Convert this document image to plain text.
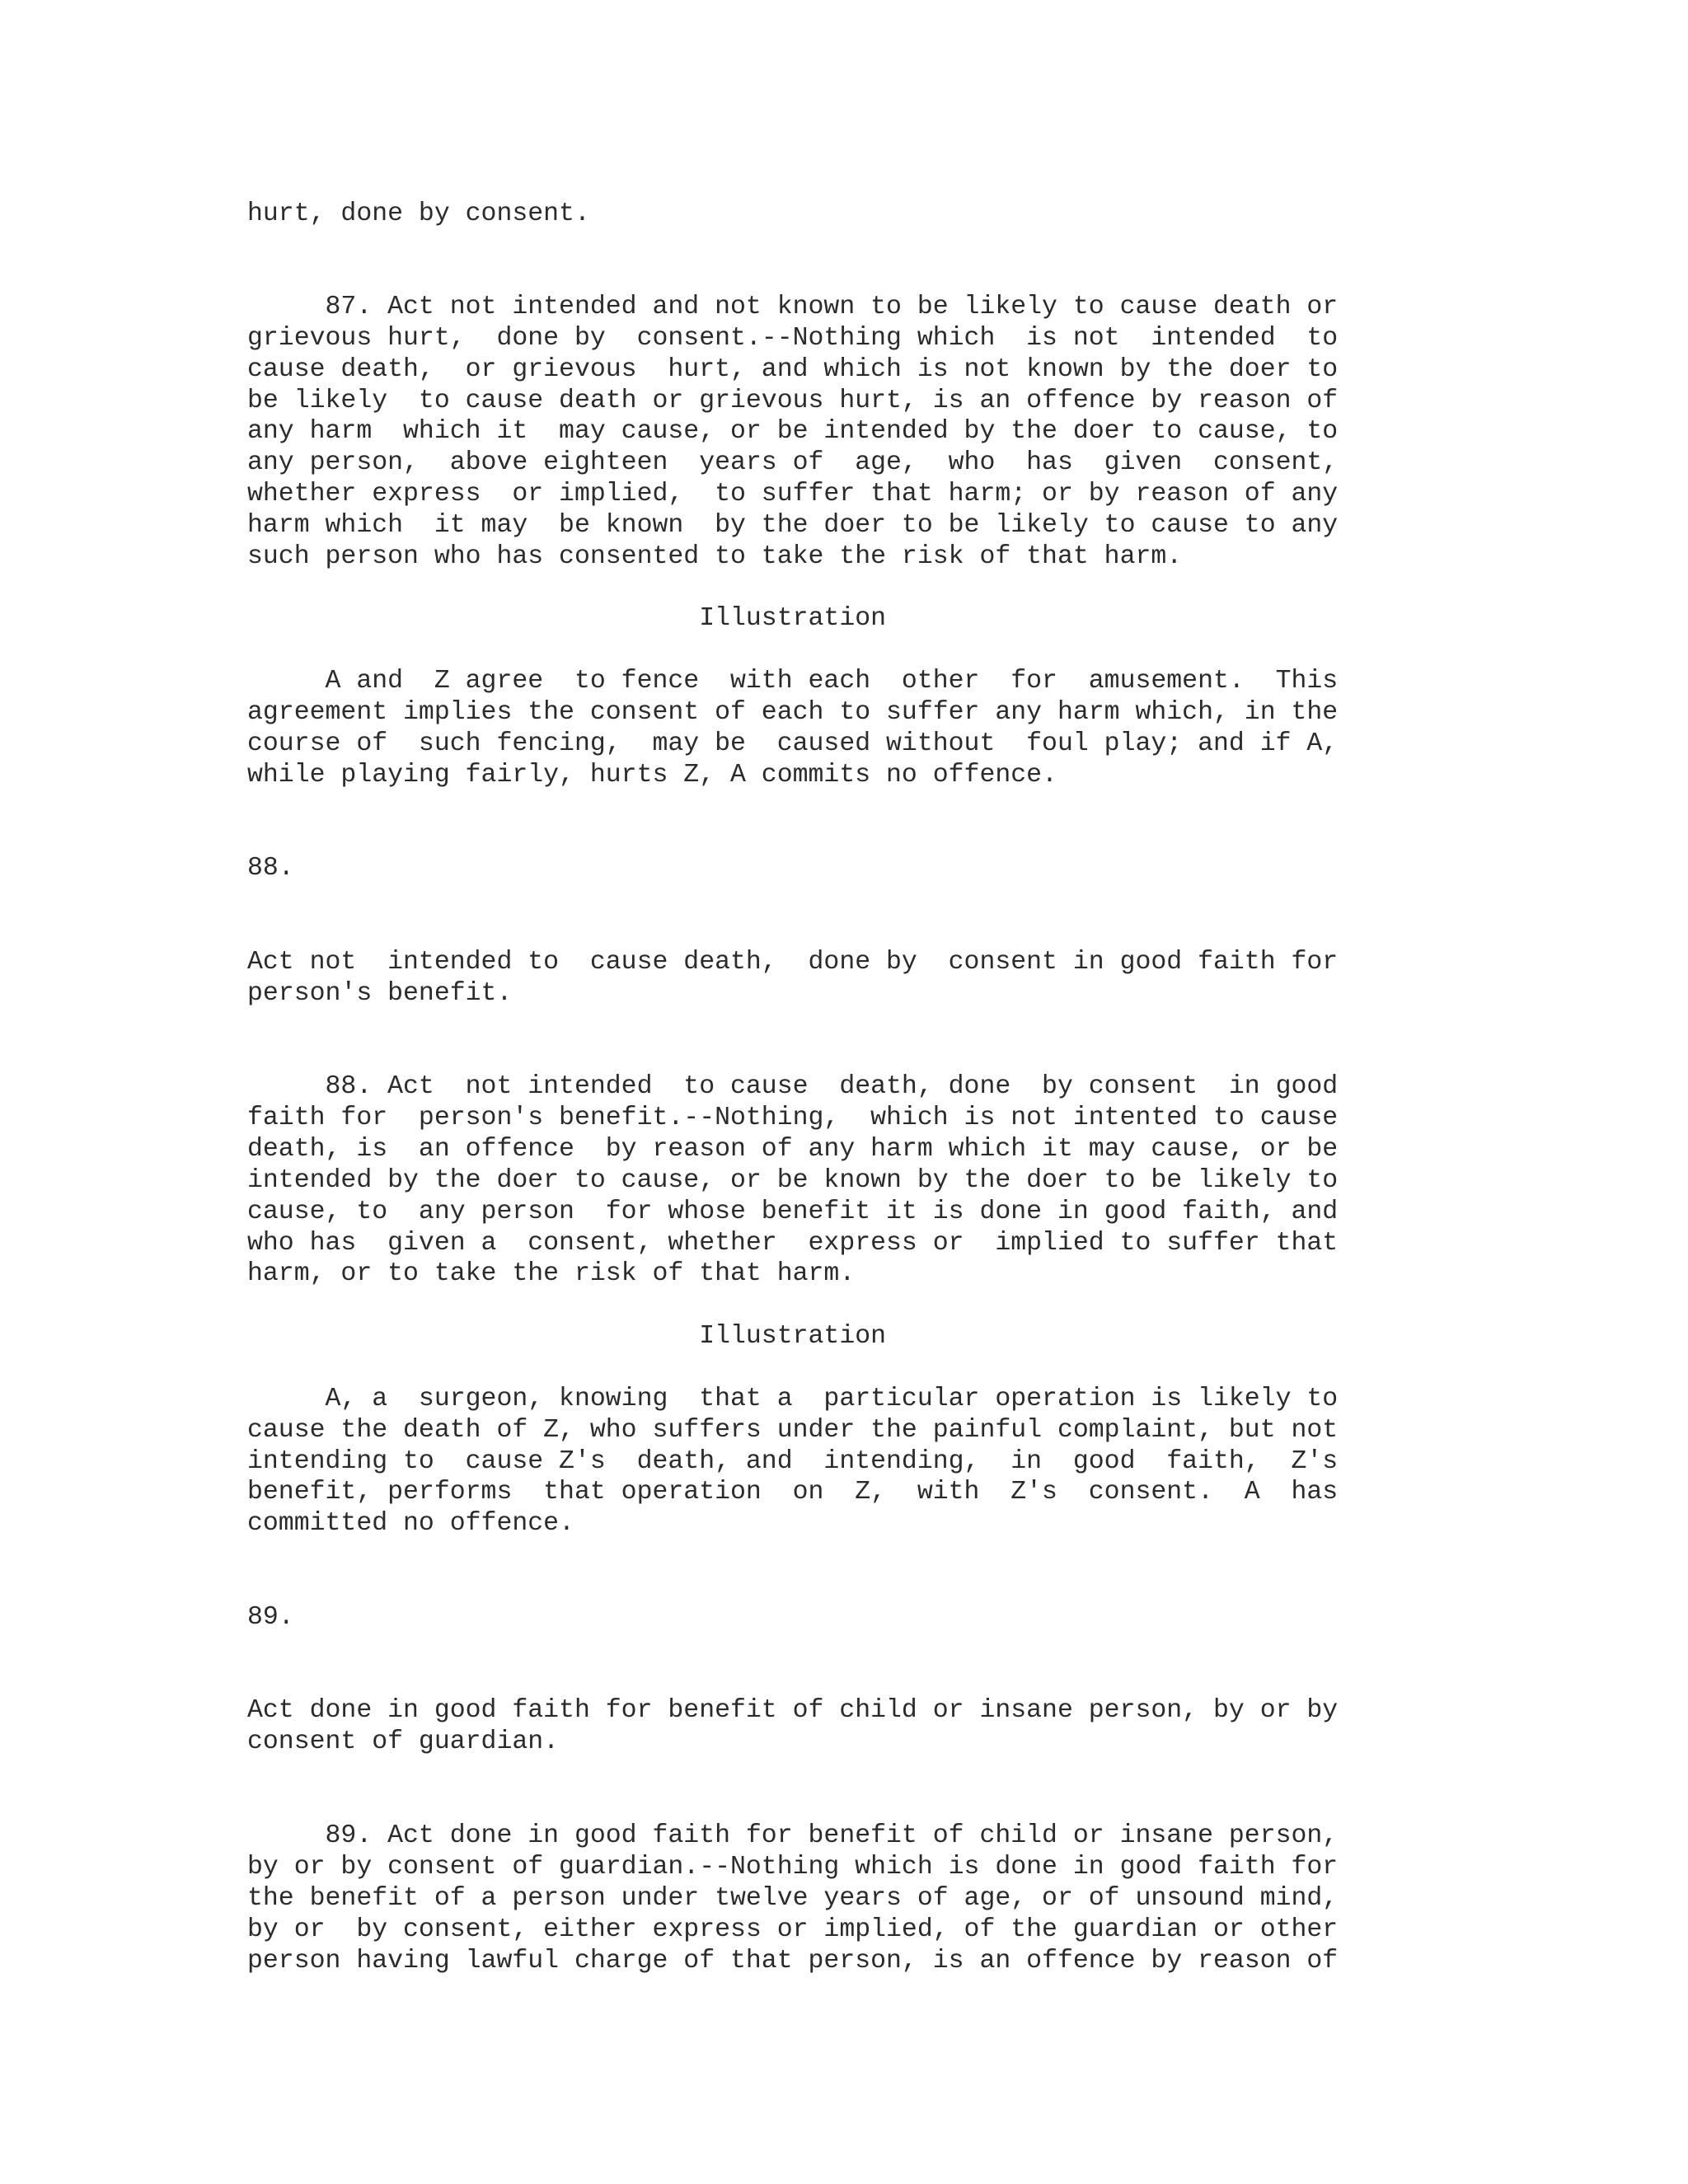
hurt, done by consent.

87. Act not intended and not known to be likely to cause death or

grievous hurt,  done by  consent.--Nothing which  is not  intended  to

cause death,  or grievous  hurt, and which is not known by the doer to

be likely  to cause death or grievous hurt, is an offence by reason of

any harm  which it  may cause, or be intended by the doer to cause, to

any person,  above eighteen  years of  age,  who  has  given  consent,

whether express  or implied,  to suffer that harm; or by reason of any

harm which  it may  be known  by the doer to be likely to cause to any

such person who has consented to take the risk of that harm.

Illustration

A and  Z agree  to fence  with each  other  for  amusement.  This

agreement implies the consent of each to suffer any harm which, in the

course of  such fencing,  may be  caused without  foul play; and if A,

while playing fairly, hurts Z, A commits no offence.

88.

Act not  intended to  cause death,  done by  consent in good faith for

person's benefit.

88. Act  not intended  to cause  death, done  by consent  in good

faith for  person's benefit.--Nothing,  which is not intented to cause

death, is  an offence  by reason of any harm which it may cause, or be

intended by the doer to cause, or be known by the doer to be likely to

cause, to  any person  for whose benefit it is done in good faith, and

who has  given a  consent, whether  express or  implied to suffer that

harm, or to take the risk of that harm.

Illustration

A, a  surgeon, knowing  that a  particular operation is likely to

cause the death of Z, who suffers under the painful complaint, but not

intending to  cause Z's  death, and  intending,  in  good  faith,  Z's

benefit, performs  that operation  on  Z,  with  Z's  consent.  A  has

committed no offence.

89.

Act done in good faith for benefit of child or insane person, by or by

consent of guardian.

89. Act done in good faith for benefit of child or insane person,

by or by consent of guardian.--Nothing which is done in good faith for

the benefit of a person under twelve years of age, or of unsound mind,

by or  by consent, either express or implied, of the guardian or other

person having lawful charge of that person, is an offence by reason of
